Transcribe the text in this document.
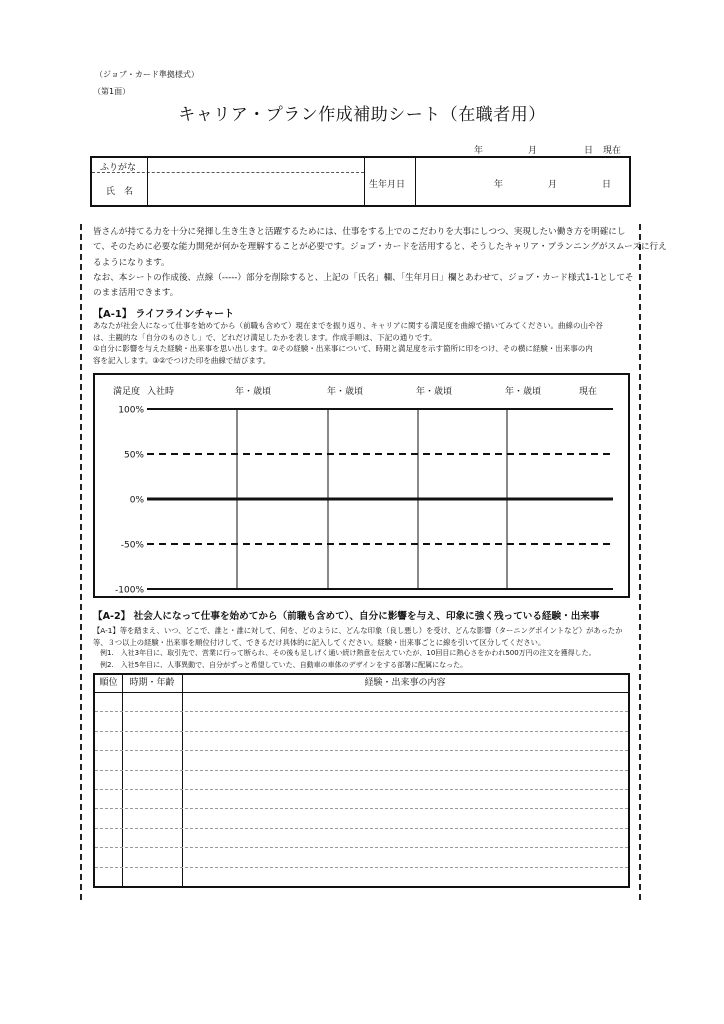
（ジョブ・カード準拠様式）
（第1面）
キャリア・プラン作成補助シート（在職者用）
年	月	日 現在
ふりがな
氏　名
生年月日	年	月	日
皆さんが持てる力を十分に発揮し生き生きと活躍するためには、仕事をする上でのこだわりを大事にしつつ、実現したい働き方を明確にし
て、そのために必要な能力開発が何かを理解することが必要です。ジョブ・カードを活用すると、そうしたキャリア・プランニングがスムーズに行え
るようになります。
なお、本シートの作成後、点線（-----）部分を削除すると、上記の「氏名」欄、「生年月日」欄とあわせて、ジョブ・カード様式1-1としてそ
のまま活用できます。
【A-1】 ライフラインチャート
あなたが社会人になって仕事を始めてから（前職も含めて）現在までを振り返り、キャリアに関する満足度を曲線で描いてみてください。曲線の山や谷
は、主観的な「自分のものさし」で、どれだけ満足したかを表します。作成手順は、下記の通りです。
①自分に影響を与えた経験・出来事を思い出します。②その経験・出来事について、時期と満足度を示す箇所に印をつけ、その横に経験・出来事の内
容を記入します。③②でつけた印を曲線で結びます。
100%
50%
0%
-50%
-100%
満足度 入社時	年・歳頃	年・歳頃	年・歳頃	年・歳頃	現在
【A-2】 社会人になって仕事を始めてから（前職も含めて）、自分に影響を与え、印象に強く残っている経験・出来事
【A-1】等を踏まえ、いつ、どこで、誰と・誰に対して、何を、どのように、どんな印象（良し悪し）を受け、どんな影響（ターニングポイントなど）があったか
等、３つ以上の経験・出来事を順位付けして、できるだけ具体的に記入してください。経験・出来事ごとに線を引いて区分してください。
　例1.　入社3年目に、取引先で、営業に行って断られ、その後も足しげく通い続け熱意を伝えていたが、10回目に熱心さをかわれ500万円の注文を獲得した。
　例2.　入社5年目に、人事異動で、自分がずっと希望していた、自動車の車体のデザインをする部署に配属になった。
順位	時期・年齢	経験・出来事の内容
